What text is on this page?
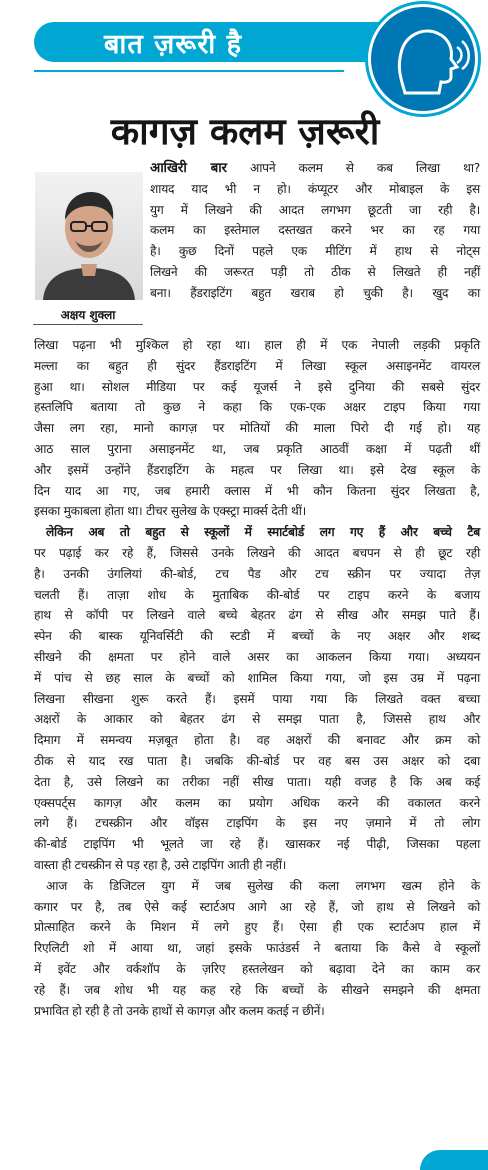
बात ज़रूरी है
कागज़ कलम ज़रूरी
अक्षय शुक्ला
आखिरी बार आपने कलम से कब लिखा था?
शायद याद भी न हो। कंप्यूटर और मोबाइल के इस
युग में लिखने की आदत लगभग छूटती जा रही है।
कलम का इस्तेमाल दस्तखत करने भर का रह गया
है। कुछ दिनों पहले एक मीटिंग में हाथ से नोट्स
लिखने की जरूरत पड़ी तो ठीक से लिखते ही नहीं
बना। हैंडराइटिंग बहुत खराब हो चुकी है। खुद का
लिखा पढ़ना भी मुश्किल हो रहा था। हाल ही में एक नेपाली लड़की प्रकृति
मल्ला का बहुत ही सुंदर हैंडराइटिंग में लिखा स्कूल असाइनमेंट वायरल
हुआ था। सोशल मीडिया पर कई यूजर्स ने इसे दुनिया की सबसे सुंदर
हस्तलिपि बताया तो कुछ ने कहा कि एक-एक अक्षर टाइप किया गया
जैसा लग रहा, मानो कागज़ पर मोतियों की माला पिरो दी गई हो। यह
आठ साल पुराना असाइनमेंट था, जब प्रकृति आठवीं कक्षा में पढ़ती थीं
और इसमें उन्होंने हैंडराइटिंग के महत्व पर लिखा था। इसे देख स्कूल के
दिन याद आ गए, जब हमारी क्लास में भी कौन कितना सुंदर लिखता है,
इसका मुकाबला होता था। टीचर सुलेख के एक्स्ट्रा मार्क्स देती थीं।
लेकिन अब तो बहुत से स्कूलों में स्मार्टबोर्ड लग गए हैं और बच्चे टैब
पर पढ़ाई कर रहे हैं, जिससे उनके लिखने की आदत बचपन से ही छूट रही
है। उनकी उंगलियां की-बोर्ड, टच पैड और टच स्क्रीन पर ज्यादा तेज़
चलती हैं। ताज़ा शोध के मुताबिक की-बोर्ड पर टाइप करने के बजाय
हाथ से कॉपी पर लिखने वाले बच्चे बेहतर ढंग से सीख और समझ पाते हैं।
स्पेन की बास्क यूनिवर्सिटी की स्टडी में बच्चों के नए अक्षर और शब्द
सीखने की क्षमता पर होने वाले असर का आकलन किया गया। अध्ययन
में पांच से छह साल के बच्चों को शामिल किया गया, जो इस उम्र में पढ़ना
लिखना सीखना शुरू करते हैं। इसमें पाया गया कि लिखते वक्त बच्चा
अक्षरों के आकार को बेहतर ढंग से समझ पाता है, जिससे हाथ और
दिमाग में समन्वय मज़बूत होता है। वह अक्षरों की बनावट और क्रम को
ठीक से याद रख पाता है। जबकि की-बोर्ड पर वह बस उस अक्षर को दबा
देता है, उसे लिखने का तरीका नहीं सीख पाता। यही वजह है कि अब कई
एक्सपर्ट्स कागज़ और कलम का प्रयोग अधिक करने की वकालत करने
लगे हैं। टचस्क्रीन और वॉइस टाइपिंग के इस नए ज़माने में तो लोग
की-बोर्ड टाइपिंग भी भूलते जा रहे हैं। खासकर नई पीढ़ी, जिसका पहला
वास्ता ही टचस्क्रीन से पड़ रहा है, उसे टाइपिंग आती ही नहीं।
आज के डिजिटल युग में जब सुलेख की कला लगभग खत्म होने के
कगार पर है, तब ऐसे कई स्टार्टअप आगे आ रहे हैं, जो हाथ से लिखने को
प्रोत्साहित करने के मिशन में लगे हुए हैं। ऐसा ही एक स्टार्टअप हाल में
रिएलिटी शो में आया था, जहां इसके फाउंडर्स ने बताया कि कैसे वे स्कूलों
में इवेंट और वर्कशॉप के ज़रिए हस्तलेखन को बढ़ावा देने का काम कर
रहे हैं। जब शोध भी यह कह रहे कि बच्चों के सीखने समझने की क्षमता
प्रभावित हो रही है तो उनके हाथों से कागज़ और कलम कतई न छीनें।
